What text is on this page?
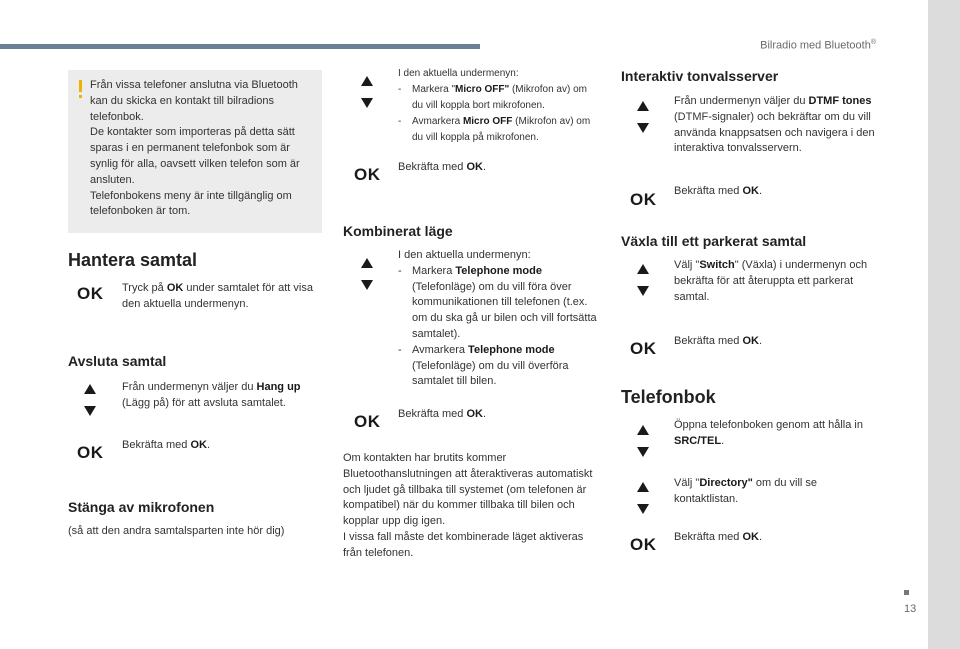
Bilradio med Bluetooth®
Från vissa telefoner anslutna via Bluetooth kan du skicka en kontakt till bilradions telefonbok.
De kontakter som importeras på detta sätt sparas i en permanent telefonbok som är synlig för alla, oavsett vilken telefon som är ansluten.
Telefonbokens meny är inte tillgänglig om telefonboken är tom.
Hantera samtal
OK Tryck på OK under samtalet för att visa den aktuella undermenyn.
Avsluta samtal
Från undermenyn väljer du Hang up (Lägg på) för att avsluta samtalet.
OK Bekräfta med OK.
Stänga av mikrofonen
(så att den andra samtalsparten inte hör dig)
I den aktuella undermenyn:
-	Markera "Micro OFF" (Mikrofon av) om du vill koppla bort mikrofonen.
-	Avmarkera Micro OFF (Mikrofon av) om du vill koppla på mikrofonen.
OK Bekräfta med OK.
Kombinerat läge
I den aktuella undermenyn:
- Markera Telephone mode (Telefonläge) om du vill föra över kommunikationen till telefonen (t.ex. om du ska gå ur bilen och vill fortsätta samtalet).
- Avmarkera Telephone mode (Telefonläge) om du vill överföra samtalet till bilen.
OK Bekräfta med OK.
Om kontakten har brutits kommer Bluetoothanslutningen att återaktiveras automatiskt och ljudet gå tillbaka till systemet (om telefonen är kompatibel) när du kommer tillbaka till bilen och kopplar upp dig igen.
I vissa fall måste det kombinerade läget aktiveras från telefonen.
Interaktiv tonvalsserver
Från undermenyn väljer du DTMF tones (DTMF-signaler) och bekräftar om du vill använda knappsatsen och navigera i den interaktiva tonvalsservern.
OK Bekräfta med OK.
Växla till ett parkerat samtal
Välj "Switch" (Växla) i undermenyn och bekräfta för att återuppta ett parkerat samtal.
OK Bekräfta med OK.
Telefonbok
Öppna telefonboken genom att hålla in SRC/TEL.
Välj "Directory" om du vill se kontaktlistan.
OK Bekräfta med OK.
13
